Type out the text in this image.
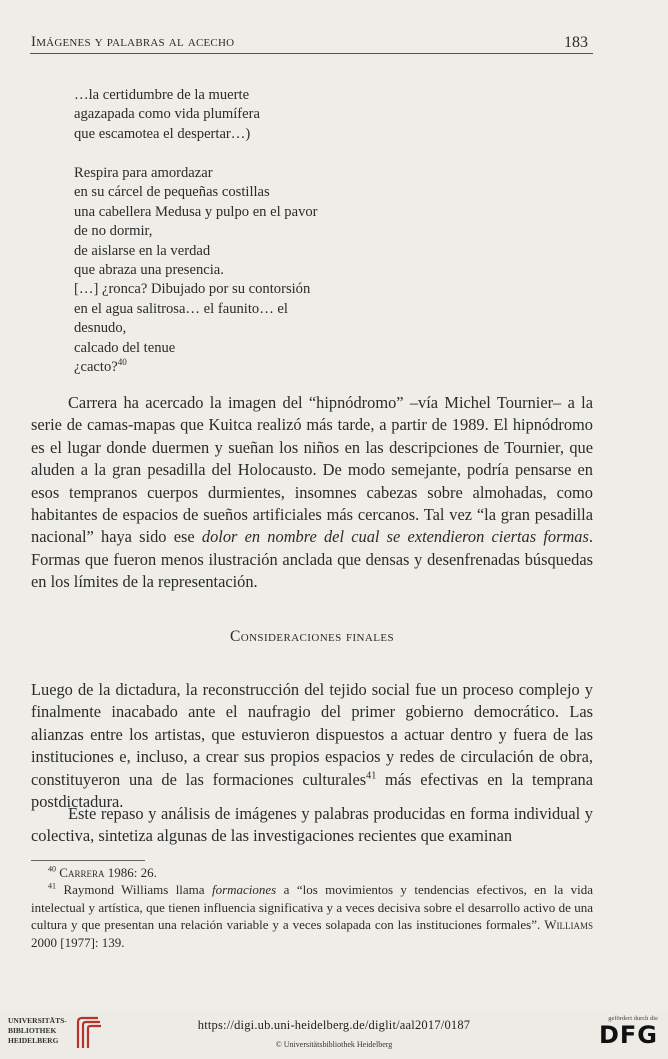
Imágenes y palabras al acecho	183
…la certidumbre de la muerte
agazapada como vida plumífera
que escamotea el despertar…)
Respira para amordazar
en su cárcel de pequeñas costillas
una cabellera Medusa y pulpo en el pavor
de no dormir,
de aislarse en la verdad
que abraza una presencia.
[…] ¿ronca? Dibujado por su contorsión
en el agua salitrosa… el faunito… el
desnudo,
calcado del tenue
¿cacto?$^{40}$
Carrera ha acercado la imagen del “hipnódromo” –vía Michel Tournier– a la serie de camas-mapas que Kuitca realizó más tarde, a partir de 1989. El hipnódromo es el lugar donde duermen y sueñan los niños en las descripciones de Tournier, que aluden a la gran pesadilla del Holocausto. De modo semejante, podría pensarse en esos tempranos cuerpos durmientes, insomnes cabezas sobre almohadas, como habitantes de espacios de sueños artificiales más cercanos. Tal vez “la gran pesadilla nacional” haya sido ese dolor en nombre del cual se extendieron ciertas formas. Formas que fueron menos ilustración anclada que densas y desenfrenadas búsquedas en los límites de la representación.
Consideraciones finales
Luego de la dictadura, la reconstrucción del tejido social fue un proceso complejo y finalmente inacabado ante el naufragio del primer gobierno democrático. Las alianzas entre los artistas, que estuvieron dispuestos a actuar dentro y fuera de las instituciones e, incluso, a crear sus propios espacios y redes de circulación de obra, constituyeron una de las formaciones culturales$^{41}$ más efectivas en la temprana postdictadura.
Este repaso y análisis de imágenes y palabras producidas en forma individual y colectiva, sintetiza algunas de las investigaciones recientes que examinan
$^{40}$ Carrera 1986: 26.
$^{41}$ Raymond Williams llama formaciones a “los movimientos y tendencias efectivos, en la vida intelectual y artística, que tienen influencia significativa y a veces decisiva sobre el desarrollo activo de una cultura y que presentan una relación variable y a veces solapada con las instituciones formales”. Williams 2000 [1977]: 139.
UNIVERSITÄTS-
BIBLIOTHEK
HEIDELBERG
https://digi.ub.uni-heidelberg.de/diglit/aal2017/0187
© Universitätsbibliothek Heidelberg
gefördert durch die
DFG
